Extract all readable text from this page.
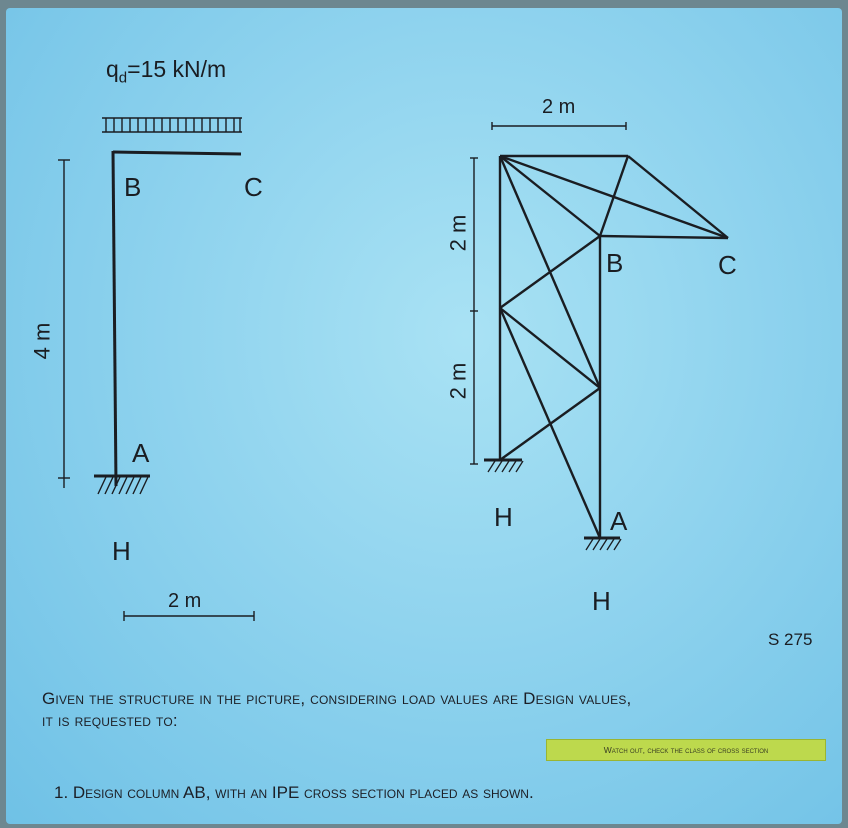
$q_d=15$ kN/m
B	C
A
4 m
2 m
H
2 m
2 m
2 m
B	C
A
H
H
S 275
Given the structure in the picture, considering load values are Design values,
it is requested to:
Watch out, check the class of cross section
1. Design column AB, with an IPE cross section placed as shown.
